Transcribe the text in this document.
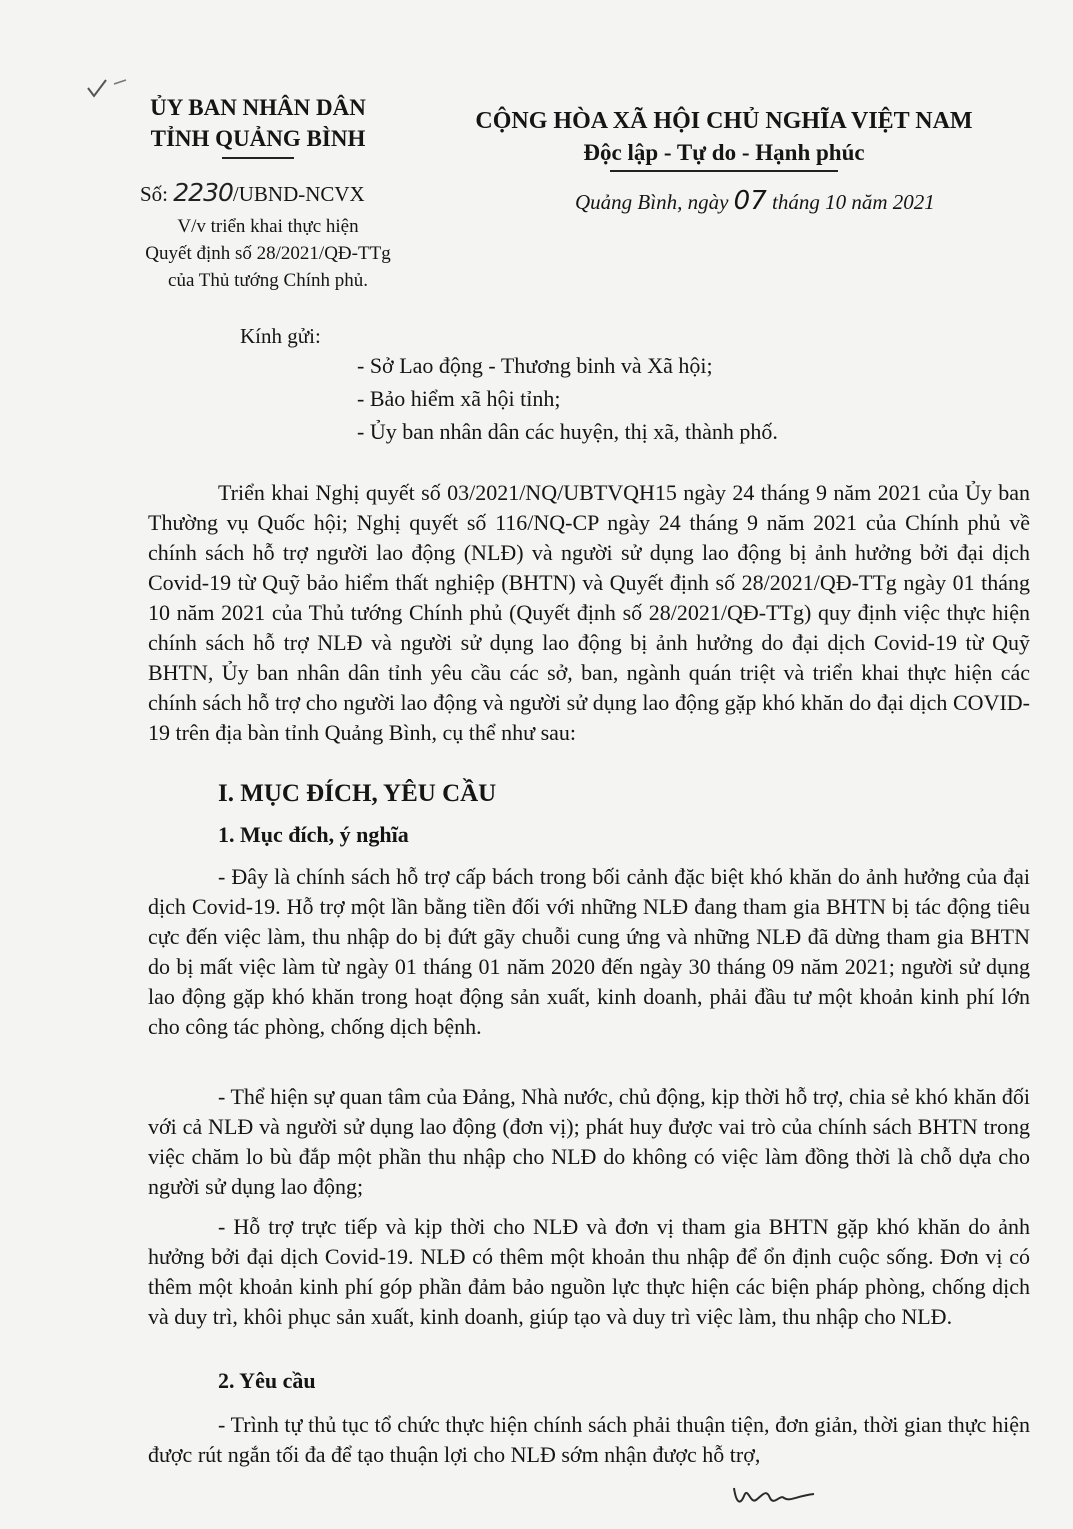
ỦY BAN NHÂN DÂN
TỈNH QUẢNG BÌNH
CỘNG HÒA XÃ HỘI CHỦ NGHĨA VIỆT NAM
Độc lập - Tự do - Hạnh phúc
Số: 2230/UBND-NCVX	Quảng Bình, ngày 07 tháng 10 năm 2021
V/v triển khai thực hiện
Quyết định số 28/2021/QĐ-TTg
của Thủ tướng Chính phủ.
Kính gửi:
- Sở Lao động - Thương binh và Xã hội;
- Bảo hiểm xã hội tỉnh;
- Ủy ban nhân dân các huyện, thị xã, thành phố.
Triển khai Nghị quyết số 03/2021/NQ/UBTVQH15 ngày 24 tháng 9 năm 2021 của Ủy ban Thường vụ Quốc hội; Nghị quyết số 116/NQ-CP ngày 24 tháng 9 năm 2021 của Chính phủ về chính sách hỗ trợ người lao động (NLĐ) và người sử dụng lao động bị ảnh hưởng bởi đại dịch Covid-19 từ Quỹ bảo hiểm thất nghiệp (BHTN) và Quyết định số 28/2021/QĐ-TTg ngày 01 tháng 10 năm 2021 của Thủ tướng Chính phủ (Quyết định số 28/2021/QĐ-TTg) quy định việc thực hiện chính sách hỗ trợ NLĐ và người sử dụng lao động bị ảnh hưởng do đại dịch Covid-19 từ Quỹ BHTN, Ủy ban nhân dân tỉnh yêu cầu các sở, ban, ngành quán triệt và triển khai thực hiện các chính sách hỗ trợ cho người lao động và người sử dụng lao động gặp khó khăn do đại dịch COVID-19 trên địa bàn tỉnh Quảng Bình, cụ thể như sau:
I. MỤC ĐÍCH, YÊU CẦU
1. Mục đích, ý nghĩa
- Đây là chính sách hỗ trợ cấp bách trong bối cảnh đặc biệt khó khăn do ảnh hưởng của đại dịch Covid-19. Hỗ trợ một lần bằng tiền đối với những NLĐ đang tham gia BHTN bị tác động tiêu cực đến việc làm, thu nhập do bị đứt gãy chuỗi cung ứng và những NLĐ đã dừng tham gia BHTN do bị mất việc làm từ ngày 01 tháng 01 năm 2020 đến ngày 30 tháng 09 năm 2021; người sử dụng lao động gặp khó khăn trong hoạt động sản xuất, kinh doanh, phải đầu tư một khoản kinh phí lớn cho công tác phòng, chống dịch bệnh.
- Thể hiện sự quan tâm của Đảng, Nhà nước, chủ động, kịp thời hỗ trợ, chia sẻ khó khăn đối với cả NLĐ và người sử dụng lao động (đơn vị); phát huy được vai trò của chính sách BHTN trong việc chăm lo bù đắp một phần thu nhập cho NLĐ do không có việc làm đồng thời là chỗ dựa cho người sử dụng lao động;
- Hỗ trợ trực tiếp và kịp thời cho NLĐ và đơn vị tham gia BHTN gặp khó khăn do ảnh hưởng bởi đại dịch Covid-19. NLĐ có thêm một khoản thu nhập để ổn định cuộc sống. Đơn vị có thêm một khoản kinh phí góp phần đảm bảo nguồn lực thực hiện các biện pháp phòng, chống dịch và duy trì, khôi phục sản xuất, kinh doanh, giúp tạo và duy trì việc làm, thu nhập cho NLĐ.
2. Yêu cầu
- Trình tự thủ tục tổ chức thực hiện chính sách phải thuận tiện, đơn giản, thời gian thực hiện được rút ngắn tối đa để tạo thuận lợi cho NLĐ sớm nhận được hỗ trợ,
